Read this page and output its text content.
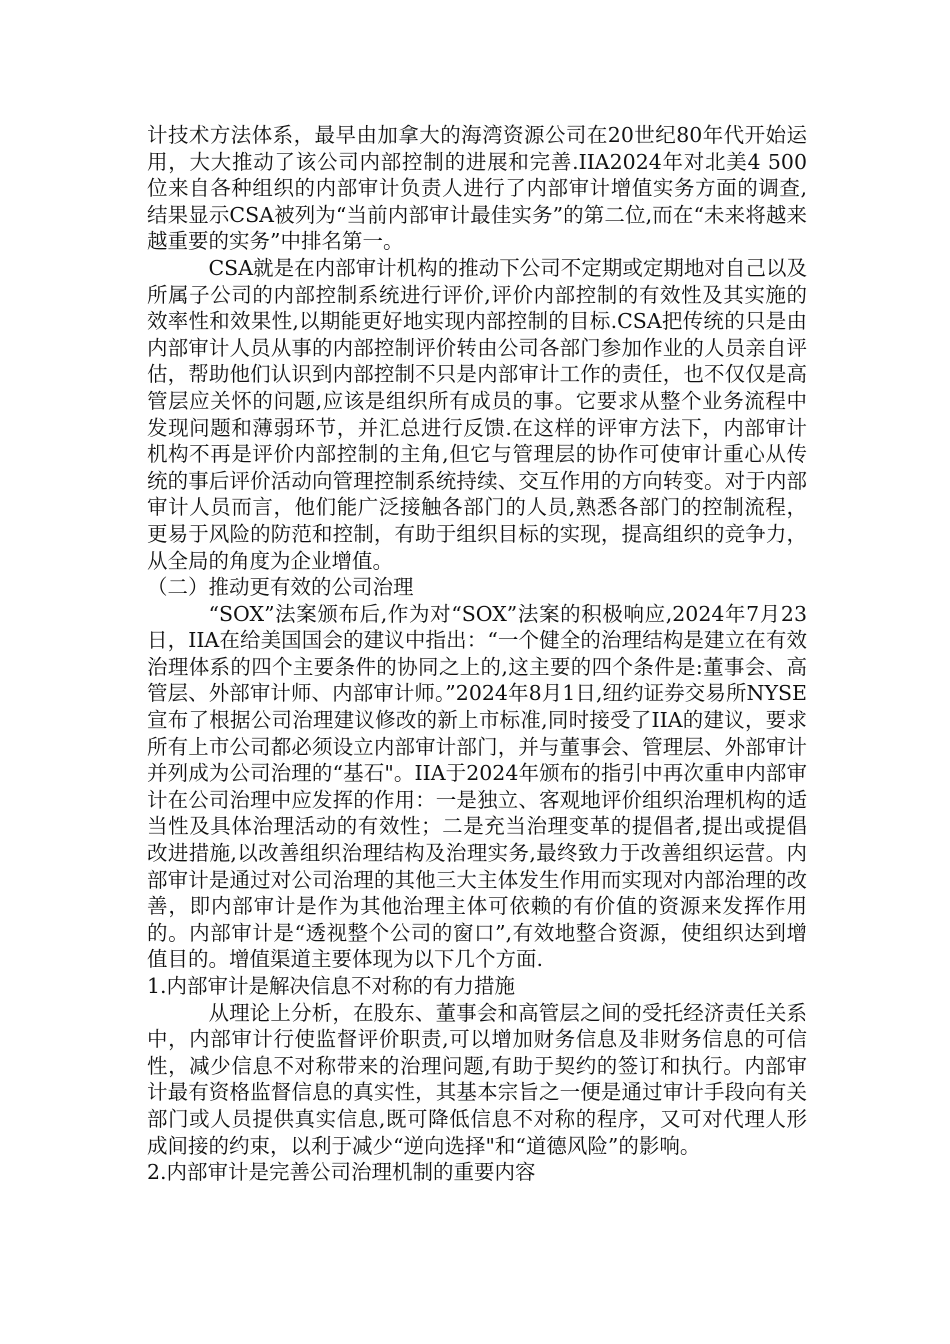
计技术方法体系，最早由加拿大的海湾资源公司在20世纪80年代开始运用，大大推动了该公司内部控制的进展和完善.IIA2024年对北美4 500位来自各种组织的内部审计负责人进行了内部审计增值实务方面的调查,结果显示CSA被列为“当前内部审计最佳实务”的第二位,而在“未来将越来越重要的实务”中排名第一。

CSA就是在内部审计机构的推动下公司不定期或定期地对自己以及所属子公司的内部控制系统进行评价,评价内部控制的有效性及其实施的效率性和效果性,以期能更好地实现内部控制的目标.CSA把传统的只是由内部审计人员从事的内部控制评价转由公司各部门参加作业的人员亲自评估，帮助他们认识到内部控制不只是内部审计工作的责任，也不仅仅是高管层应关怀的问题,应该是组织所有成员的事。它要求从整个业务流程中发现问题和薄弱环节，并汇总进行反馈.在这样的评审方法下，内部审计机构不再是评价内部控制的主角,但它与管理层的协作可使审计重心从传统的事后评价活动向管理控制系统持续、交互作用的方向转变。对于内部审计人员而言，他们能广泛接触各部门的人员,熟悉各部门的控制流程，更易于风险的防范和控制，有助于组织目标的实现，提高组织的竞争力，从全局的角度为企业增值。

（二）推动更有效的公司治理

“SOX”法案颁布后,作为对“SOX”法案的积极响应,2024年7月23日，IIA在给美国国会的建议中指出：“一个健全的治理结构是建立在有效治理体系的四个主要条件的协同之上的,这主要的四个条件是:董事会、高管层、外部审计师、内部审计师。”2024年8月1日,纽约证券交易所NYSE宣布了根据公司治理建议修改的新上市标准,同时接受了IIA的建议，要求所有上市公司都必须设立内部审计部门，并与董事会、管理层、外部审计并列成为公司治理的“基石"。IIA于2024年颁布的指引中再次重申内部审计在公司治理中应发挥的作用：一是独立、客观地评价组织治理机构的适当性及具体治理活动的有效性；二是充当治理变革的提倡者,提出或提倡改进措施,以改善组织治理结构及治理实务,最终致力于改善组织运营。内部审计是通过对公司治理的其他三大主体发生作用而实现对内部治理的改善，即内部审计是作为其他治理主体可依赖的有价值的资源来发挥作用的。内部审计是“透视整个公司的窗口”,有效地整合资源，使组织达到增值目的。增值渠道主要体现为以下几个方面.

1.内部审计是解决信息不对称的有力措施

从理论上分析，在股东、董事会和高管层之间的受托经济责任关系中，内部审计行使监督评价职责,可以增加财务信息及非财务信息的可信性，减少信息不对称带来的治理问题,有助于契约的签订和执行。内部审计最有资格监督信息的真实性，其基本宗旨之一便是通过审计手段向有关部门或人员提供真实信息,既可降低信息不对称的程序，又可对代理人形成间接的约束，以利于减少“逆向选择"和“道德风险”的影响。

2.内部审计是完善公司治理机制的重要内容
